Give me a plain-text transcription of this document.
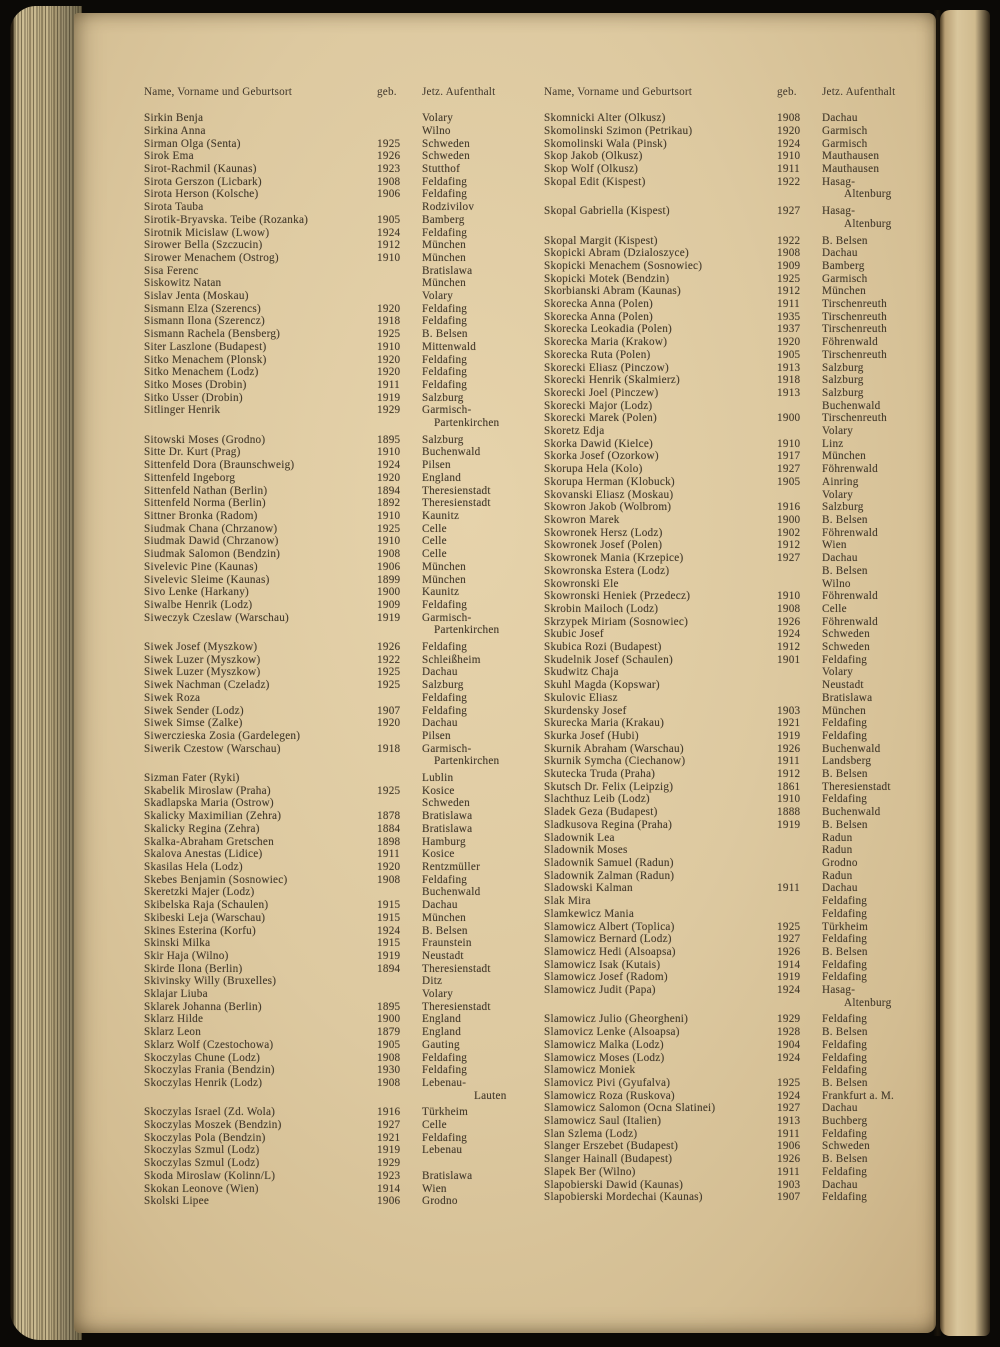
Name, Vorname und Geburtsort	geb.	Jetz. Aufenthalt
Sirkin Benja	Volary
Sirkina Anna	Wilno
Sirman Olga (Senta)	1925	Schweden
Sirok Ema	1926	Schweden
Sirot-Rachmil (Kaunas)	1923	Stutthof
Sirota Gerszon (Licbark)	1908	Feldafing
Sirota Herson (Kolsche)	1906	Feldafing
Sirota Tauba	Rodzivilov
Sirotik-Bryavska. Teibe (Rozanka)	1905	Bamberg
Sirotnik Micislaw (Lwow)	1924	Feldafing
Sirower Bella (Szczucin)	1912	München
Sirower Menachem (Ostrog)	1910	München
Sisa Ferenc	Bratislawa
Siskowitz Natan	München
Sislav Jenta (Moskau)	Volary
Sismann Elza (Szerencs)	1920	Feldafing
Sismann Ilona (Szerencz)	1918	Feldafing
Sismann Rachela (Bensberg)	1925	B. Belsen
Siter Laszlone (Budapest)	1910	Mittenwald
Sitko Menachem (Plonsk)	1920	Feldafing
Sitko Menachem (Lodz)	1920	Feldafing
Sitko Moses (Drobin)	1911	Feldafing
Sitko Usser (Drobin)	1919	Salzburg
Sitlinger Henrik	1929	Garmisch-
Partenkirchen
Sitowski Moses (Grodno)	1895	Salzburg
Sitte Dr. Kurt (Prag)	1910	Buchenwald
Sittenfeld Dora (Braunschweig)	1924	Pilsen
Sittenfeld Ingeborg	1920	England
Sittenfeld Nathan (Berlin)	1894	Theresienstadt
Sittenfeld Norma (Berlin)	1892	Theresienstadt
Sittner Bronka (Radom)	1910	Kaunitz
Siudmak Chana (Chrzanow)	1925	Celle
Siudmak Dawid (Chrzanow)	1910	Celle
Siudmak Salomon (Bendzin)	1908	Celle
Sivelevic Pine (Kaunas)	1906	München
Sivelevic Sleime (Kaunas)	1899	München
Sivo Lenke (Harkany)	1900	Kaunitz
Siwalbe Henrik (Lodz)	1909	Feldafing
Siweczyk Czeslaw (Warschau)	1919	Garmisch-
Partenkirchen
Siwek Josef (Myszkow)	1926	Feldafing
Siwek Luzer (Myszkow)	1922	Schleißheim
Siwek Luzer (Myszkow)	1925	Dachau
Siwek Nachman (Czeladz)	1925	Salzburg
Siwek Roza	Feldafing
Siwek Sender (Lodz)	1907	Feldafing
Siwek Simse (Zalke)	1920	Dachau
Siwerczieska Zosia (Gardelegen)	Pilsen
Siwerik Czestow (Warschau)	1918	Garmisch-
Partenkirchen
Sizman Fater (Ryki)	Lublin
Skabelik Miroslaw (Praha)	1925	Kosice
Skadlapska Maria (Ostrow)	Schweden
Skalicky Maximilian (Zehra)	1878	Bratislawa
Skalicky Regina (Zehra)	1884	Bratislawa
Skalka-Abraham Gretschen	1898	Hamburg
Skalova Anestas (Lidice)	1911	Kosice
Skasilas Hela (Lodz)	1920	Rentzmüller
Skebes Benjamin (Sosnowiec)	1908	Feldafing
Skeretzki Majer (Lodz)	Buchenwald
Skibelska Raja (Schaulen)	1915	Dachau
Skibeski Leja (Warschau)	1915	München
Skines Esterina (Korfu)	1924	B. Belsen
Skinski Milka	1915	Fraunstein
Skir Haja (Wilno)	1919	Neustadt
Skirde Ilona (Berlin)	1894	Theresienstadt
Skivinsky Willy (Bruxelles)	Ditz
Sklajar Liuba	Volary
Sklarek Johanna (Berlin)	1895	Theresienstadt
Sklarz Hilde	1900	England
Sklarz Leon	1879	England
Sklarz Wolf (Czestochowa)	1905	Gauting
Skoczylas Chune (Lodz)	1908	Feldafing
Skoczylas Frania (Bendzin)	1930	Feldafing
Skoczylas Henrik (Lodz)	1908	Lebenau-
Lauten
Skoczylas Israel (Zd. Wola)	1916	Türkheim
Skoczylas Moszek (Bendzin)	1927	Celle
Skoczylas Pola (Bendzin)	1921	Feldafing
Skoczylas Szmul (Lodz)	1919	Lebenau
Skoczylas Szmul (Lodz)	1929
Skoda Miroslaw (Kolinn/L)	1923	Bratislawa
Skokan Leonove (Wien)	1914	Wien
Skolski Lipee	1906	Grodno
Name, Vorname und Geburtsort	geb.	Jetz. Aufenthalt
Skomnicki Alter (Olkusz)	1908	Dachau
Skomolinski Szimon (Petrikau)	1920	Garmisch
Skomolinski Wala (Pinsk)	1924	Garmisch
Skop Jakob (Olkusz)	1910	Mauthausen
Skop Wolf (Olkusz)	1911	Mauthausen
Skopal Edit (Kispest)	1922	Hasag-
Altenburg
Skopal Gabriella (Kispest)	1927	Hasag-
Altenburg
Skopal Margit (Kispest)	1922	B. Belsen
Skopicki Abram (Dzialoszyce)	1908	Dachau
Skopicki Menachem (Sosnowiec)	1909	Bamberg
Skopicki Motek (Bendzin)	1925	Garmisch
Skorbianski Abram (Kaunas)	1912	München
Skorecka Anna (Polen)	1911	Tirschenreuth
Skorecka Anna (Polen)	1935	Tirschenreuth
Skorecka Leokadia (Polen)	1937	Tirschenreuth
Skorecka Maria (Krakow)	1920	Föhrenwald
Skorecka Ruta (Polen)	1905	Tirschenreuth
Skorecki Eliasz (Pinczow)	1913	Salzburg
Skorecki Henrik (Skalmierz)	1918	Salzburg
Skorecki Joel (Pinczew)	1913	Salzburg
Skorecki Major (Lodz)	Buchenwald
Skorecki Marek (Polen)	1900	Tirschenreuth
Skoretz Edja	Volary
Skorka Dawid (Kielce)	1910	Linz
Skorka Josef (Ozorkow)	1917	München
Skorupa Hela (Kolo)	1927	Föhrenwald
Skorupa Herman (Klobuck)	1905	Ainring
Skovanski Eliasz (Moskau)	Volary
Skowron Jakob (Wolbrom)	1916	Salzburg
Skowron Marek	1900	B. Belsen
Skowronek Hersz (Lodz)	1902	Föhrenwald
Skowronek Josef (Polen)	1912	Wien
Skowronek Mania (Krzepice)	1927	Dachau
Skowronska Estera (Lodz)	B. Belsen
Skowronski Ele	Wilno
Skowronski Heniek (Przedecz)	1910	Föhrenwald
Skrobin Mailoch (Lodz)	1908	Celle
Skrzypek Miriam (Sosnowiec)	1926	Föhrenwald
Skubic Josef	1924	Schweden
Skubica Rozi (Budapest)	1912	Schweden
Skudelnik Josef (Schaulen)	1901	Feldafing
Skudwitz Chaja	Volary
Skuhl Magda (Kopswar)	Neustadt
Skulovic Eliasz	Bratislawa
Skurdensky Josef	1903	München
Skurecka Maria (Krakau)	1921	Feldafing
Skurka Josef (Hubi)	1919	Feldafing
Skurnik Abraham (Warschau)	1926	Buchenwald
Skurnik Symcha (Ciechanow)	1911	Landsberg
Skutecka Truda (Praha)	1912	B. Belsen
Skutsch Dr. Felix (Leipzig)	1861	Theresienstadt
Slachthuz Leib (Lodz)	1910	Feldafing
Sladek Geza (Budapest)	1888	Buchenwald
Sladkusova Regina (Praha)	1919	B. Belsen
Sladownik Lea	Radun
Sladownik Moses	Radun
Sladownik Samuel (Radun)	Grodno
Sladownik Zalman (Radun)	Radun
Sladowski Kalman	1911	Dachau
Slak Mira	Feldafing
Slamkewicz Mania	Feldafing
Slamowicz Albert (Toplica)	1925	Türkheim
Slamowicz Bernard (Lodz)	1927	Feldafing
Slamowicz Hedi (Alsoapsa)	1926	B. Belsen
Slamowicz Isak (Kutais)	1914	Feldafing
Slamowicz Josef (Radom)	1919	Feldafing
Slamowicz Judit (Papa)	1924	Hasag-
Altenburg
Slamowicz Julio (Gheorgheni)	1929	Feldafing
Slamovicz Lenke (Alsoapsa)	1928	B. Belsen
Slamowicz Malka (Lodz)	1904	Feldafing
Slamowicz Moses (Lodz)	1924	Feldafing
Slamowicz Moniek	Feldafing
Slamovicz Pivi (Gyufalva)	1925	B. Belsen
Slamowicz Roza (Ruskova)	1924	Frankfurt a. M.
Slamowicz Salomon (Ocna Slatinei)	1927	Dachau
Slamowicz Saul (Italien)	1913	Buchberg
Slan Szlema (Lodz)	1911	Feldafing
Slanger Erszebet (Budapest)	1906	Schweden
Slanger Hainall (Budapest)	1926	B. Belsen
Slapek Ber (Wilno)	1911	Feldafing
Slapobierski Dawid (Kaunas)	1903	Dachau
Slapobierski Mordechai (Kaunas)	1907	Feldafing
